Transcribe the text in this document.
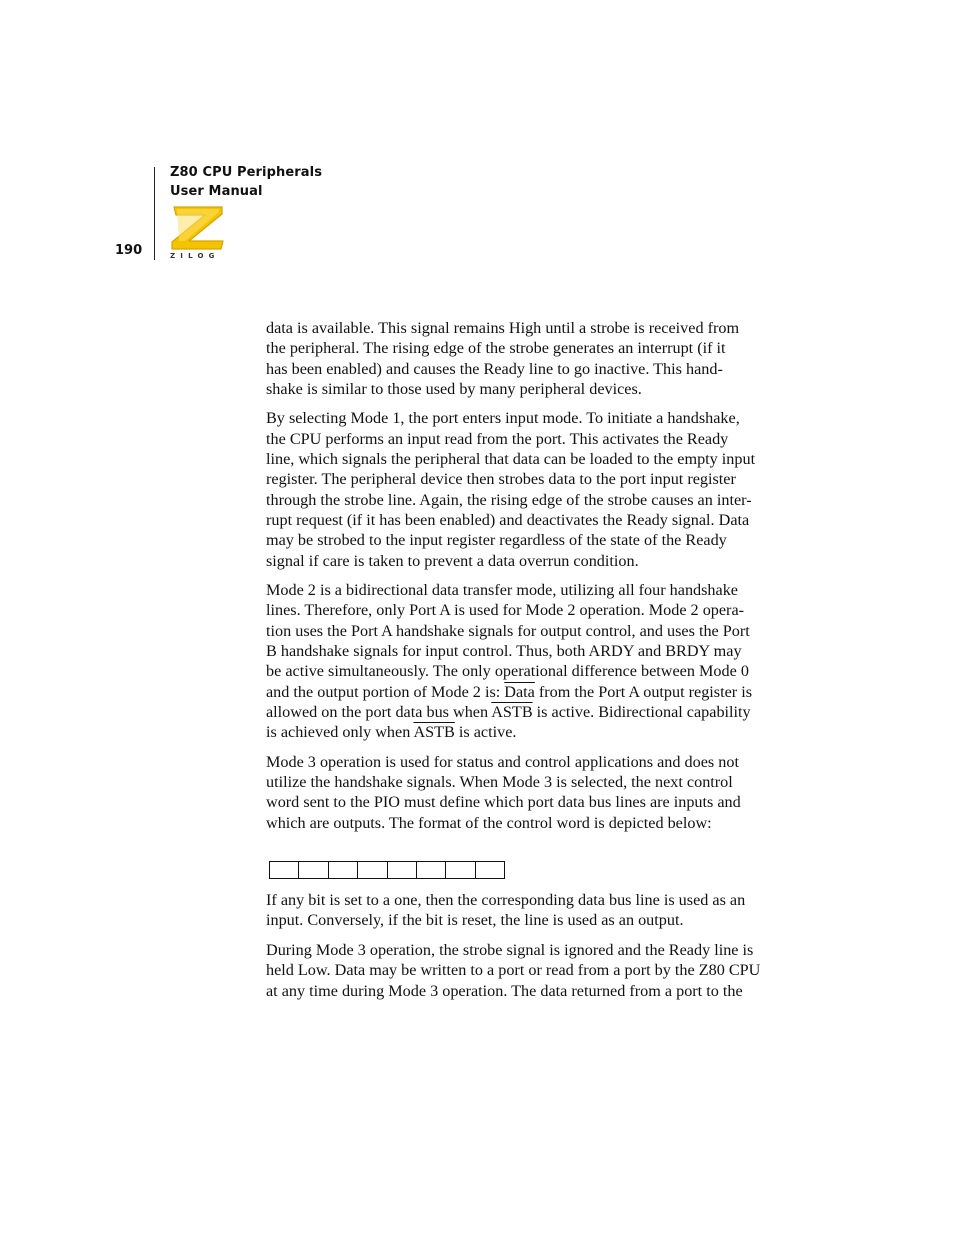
Z80 CPU Peripherals
User Manual
190	ZILOG

data is available. This signal remains High until a strobe is received from
the peripheral. The rising edge of the strobe generates an interrupt (if it
has been enabled) and causes the Ready line to go inactive. This hand-
shake is similar to those used by many peripheral devices.

By selecting Mode 1, the port enters input mode. To initiate a handshake,
the CPU performs an input read from the port. This activates the Ready
line, which signals the peripheral that data can be loaded to the empty input
register. The peripheral device then strobes data to the port input register
through the strobe line. Again, the rising edge of the strobe causes an inter-
rupt request (if it has been enabled) and deactivates the Ready signal. Data
may be strobed to the input register regardless of the state of the Ready
signal if care is taken to prevent a data overrun condition.

Mode 2 is a bidirectional data transfer mode, utilizing all four handshake
lines. Therefore, only Port A is used for Mode 2 operation. Mode 2 opera-
tion uses the Port A handshake signals for output control, and uses the Port
B handshake signals for input control. Thus, both ARDY and BRDY may
be active simultaneously. The only operational difference between Mode 0
and the output portion of Mode 2 is: Data from the Port A output register is
allowed on the port data bus when ASTB is active. Bidirectional capability
is achieved only when ASTB is active.

Mode 3 operation is used for status and control applications and does not
utilize the handshake signals. When Mode 3 is selected, the next control
word sent to the PIO must define which port data bus lines are inputs and
which are outputs. The format of the control word is depicted below:

If any bit is set to a one, then the corresponding data bus line is used as an
input. Conversely, if the bit is reset, the line is used as an output.

During Mode 3 operation, the strobe signal is ignored and the Ready line is
held Low. Data may be written to a port or read from a port by the Z80 CPU
at any time during Mode 3 operation. The data returned from a port to the
